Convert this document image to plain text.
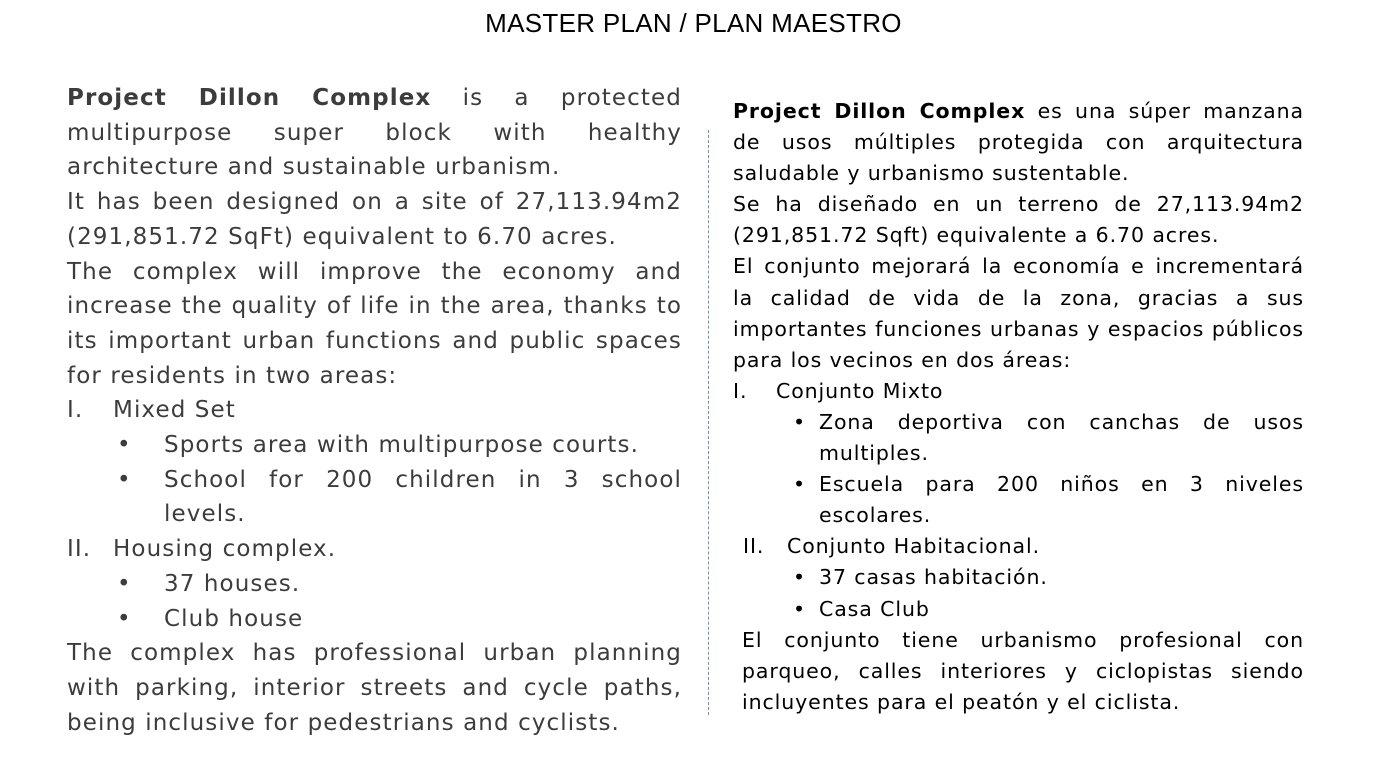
MASTER PLAN / PLAN MAESTRO

Project Dillon Complex is a protected multipurpose super block with healthy architecture and sustainable urbanism.

It has been designed on a site of 27,113.94m2 (291,851.72 SqFt) equivalent to 6.70 acres.

The complex will improve the economy and increase the quality of life in the area, thanks to its important urban functions and public spaces for residents in two areas:

I.	Mixed Set
•	Sports area with multipurpose courts.
•	School for 200 children in 3 school levels.
II. Housing complex.
•	37 houses.
•	Club house

The complex has professional urban planning with parking, interior streets and cycle paths, being inclusive for pedestrians and cyclists.

Project Dillon Complex es una súper manzana de usos múltiples protegida con arquitectura saludable y urbanismo sustentable.

Se ha diseñado en un terreno de 27,113.94m2 (291,851.72 Sqft) equivalente a 6.70 acres.

El conjunto mejorará la economía e incrementará la calidad de vida de la zona, gracias a sus importantes funciones urbanas y espacios públicos para los vecinos en dos áreas:

I.	Conjunto Mixto
• Zona deportiva con canchas de usos multiples.
• Escuela para 200 niños en 3 niveles escolares.
II.	Conjunto Habitacional.
• 37 casas habitación.
• Casa Club

El conjunto tiene urbanismo profesional con parqueo, calles interiores y ciclopistas siendo incluyentes para el peatón y el ciclista.
